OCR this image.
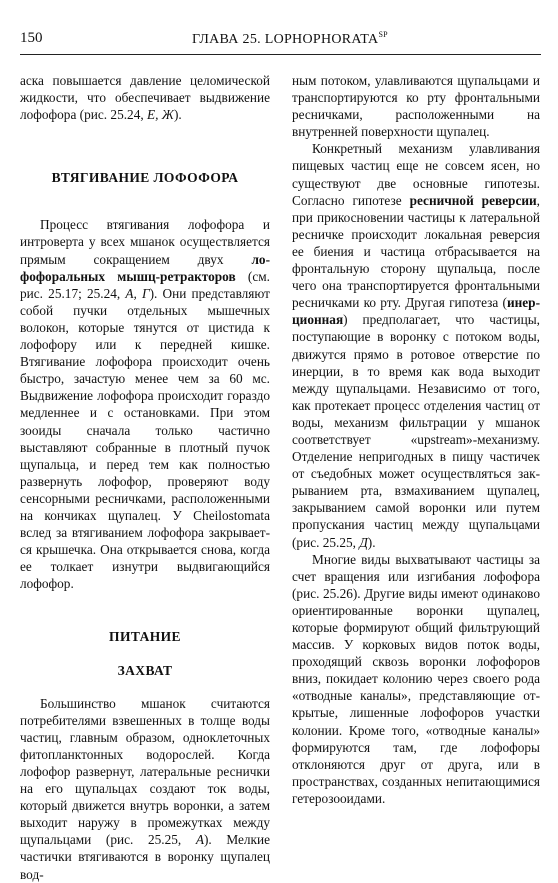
150	ГЛАВА 25. $LOPHOPHORATA^{SP}$

аска повышается давление целомической жидкости, что обеспечивает выдвижение лофофора (рис. 25.24, Е, Ж).

ВТЯГИВАНИЕ ЛОФОФОРА

Процесс втягивания лофофора и интроверта у всех мшанок осуществляется прямым сокращением двух лофофоральных мышц-ретракторов (см. рис. 25.17; 25.24, А, Г). Они представляют собой пучки отдельных мышечных волокон, которые тянутся от цистида к лофофору или к передней кишке. Втягивание лофофора происходит очень быстро, зачастую менее чем за 60 мс. Выдвижение лофофора происходит гораздо медленнее и с остановками. При этом зооиды сначала только частично выставляют собранные в плотный пучок щупальца, и перед тем как полностью развернуть лофофор, проверяют воду сенсорными ресничками, расположенными на кончиках щупалец. У Cheilostomata вслед за втягиванием лофофора закрывается крышечка. Она открывается снова, когда ее толкает изнутри выдвигающийся лофофор.

ПИТАНИЕ
ЗАХВАТ

Большинство мшанок считаются потребителями взвешенных в толще воды частиц, главным образом, одноклеточных фитопланктонных водорослей. Когда лофофор развернут, латеральные реснички на его щупальцах создают ток воды, который движется внутрь воронки, а затем выходит наружу в промежутках между щупальцами (рис. 25.25, А). Мелкие частички втягиваются в воронку щупалец вод-

ным потоком, улавливаются щупальцами и транспортируются ко рту фронтальными ресничками, расположенными на внутренней поверхности щупалец.

Конкретный механизм улавливания пищевых частиц еще не совсем ясен, но существуют две основные гипотезы. Согласно гипотезе ресничной реверсии, при прикосновении частицы к латеральной ресничке происходит локальная реверсия ее биения и частица отбрасывается на фронтальную сторону щупальца, после чего она транспортируется фронтальными ресничками ко рту. Другая гипотеза (инерционная) предполагает, что частицы, поступающие в воронку с потоком воды, движутся прямо в ротовое отверстие по инерции, в то время как вода выходит между щупальцами. Независимо от того, как протекает процесс отделения частиц от воды, механизм фильтрации у мшанок соответствует «upstream»-механизму. Отделение непригодных в пищу частичек от съедобных может осуществляться закрыванием рта, взмахиванием щупалец, закрыванием самой воронки или путем пропускания частиц между щупальцами (рис. 25.25, Д).

Многие виды выхватывают частицы за счет вращения или изгибания лофофора (рис. 25.26). Другие виды имеют одинаково ориентированные воронки щупалец, которые формируют общий фильтрующий массив. У корковых видов поток воды, проходящий сквозь воронки лофофоров вниз, покидает колонию через своего рода «отводные каналы», представляющие открытые, лишенные лофофоров участки колонии. Кроме того, «отводные каналы» формируются там, где лофофоры отклоняются друг от друга, или в пространствах, созданных непитающимися гетерозооидами.
